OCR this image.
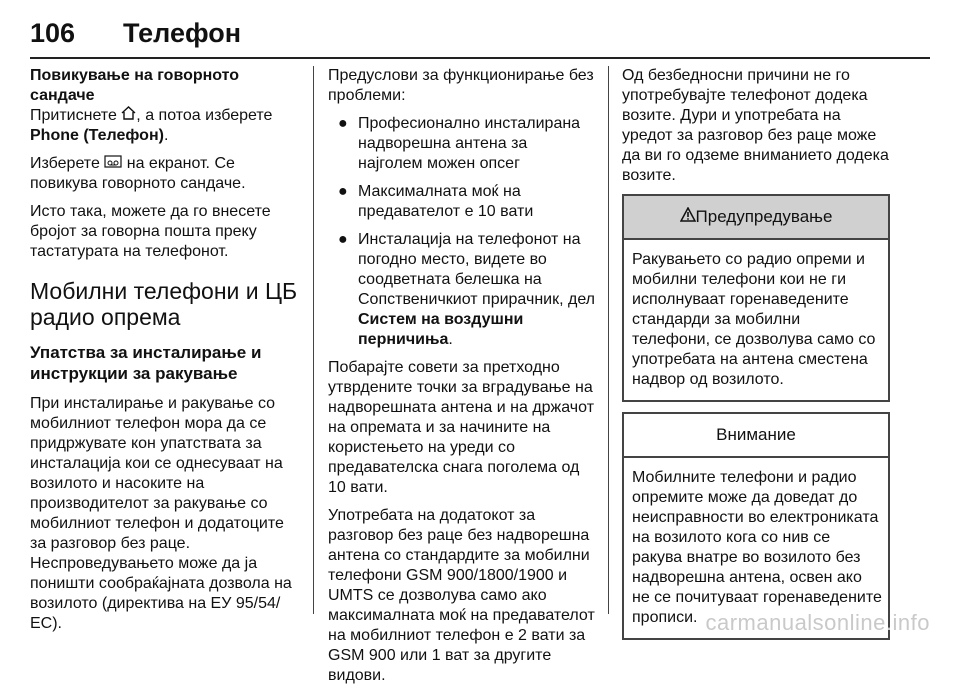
106 Телефон

Повикување на говорното сандаче

Притиснете , а потоа изберете
Phone (Телефон).

Изберете  на екранот. Се повикува говорното сандаче.

Исто така, можете да го внесете бројот за говорна пошта преку тастатурата на телефонот.

Мобилни телефони и ЦБ радио опрема
Упатства за инсталирање и инструкции за ракување

При инсталирање и ракување со мобилниот телефон мора да се придржувате кон упатствата за инсталација кои се однесуваат на возилото и насоките на производителот за ракување со мобилниот телефон и додатоците за разговор без раце. Неспроведувањето може да ја поништи сообраќајната дозвола на возилото (директива на ЕУ 95/54/ЕС).

Предуслови за функционирање без проблеми:

● Професионално инсталирана надворешна антена за најголем можен опсег
● Максималната моќ на предавателот е 10 вати
● Инсталација на телефонот на погодно место, видете во соодветната белешка на Сопственичкиот прирачник, дел Систем на воздушни перничиња.

Побарајте совети за претходно утврдените точки за вградување на надворешната антена и на држачот на опремата и за начините на користењето на уреди со предавателска снага поголема од 10 вати.

Употребата на додатокот за разговор без раце без надворешна антена со стандардите за мобилни телефони GSM 900/1800/1900 и UMTS се дозволува само ако максималната моќ на предавателот на мобилниот телефон е 2 вати за GSM 900 или 1 ват за другите видови.

Од безбедносни причини не го употребувајте телефонот додека возите. Дури и употребата на уредот за разговор без раце може да ви го одземе вниманието додека возите.

Предупредување
Ракувањето со радио опреми и мобилни телефони кои не ги исполнуваат горенаведените стандарди за мобилни телефони, се дозволува само со употребата на антена сместена надвор од возилото.
Внимание
Мобилните телефони и радио опремите може да доведат до неисправности во електрониката на возилото кога со нив се ракува внатре во возилото без надворешна антена, освен ако не се почитуваат горенаведените прописи. carmanualsonline.info
